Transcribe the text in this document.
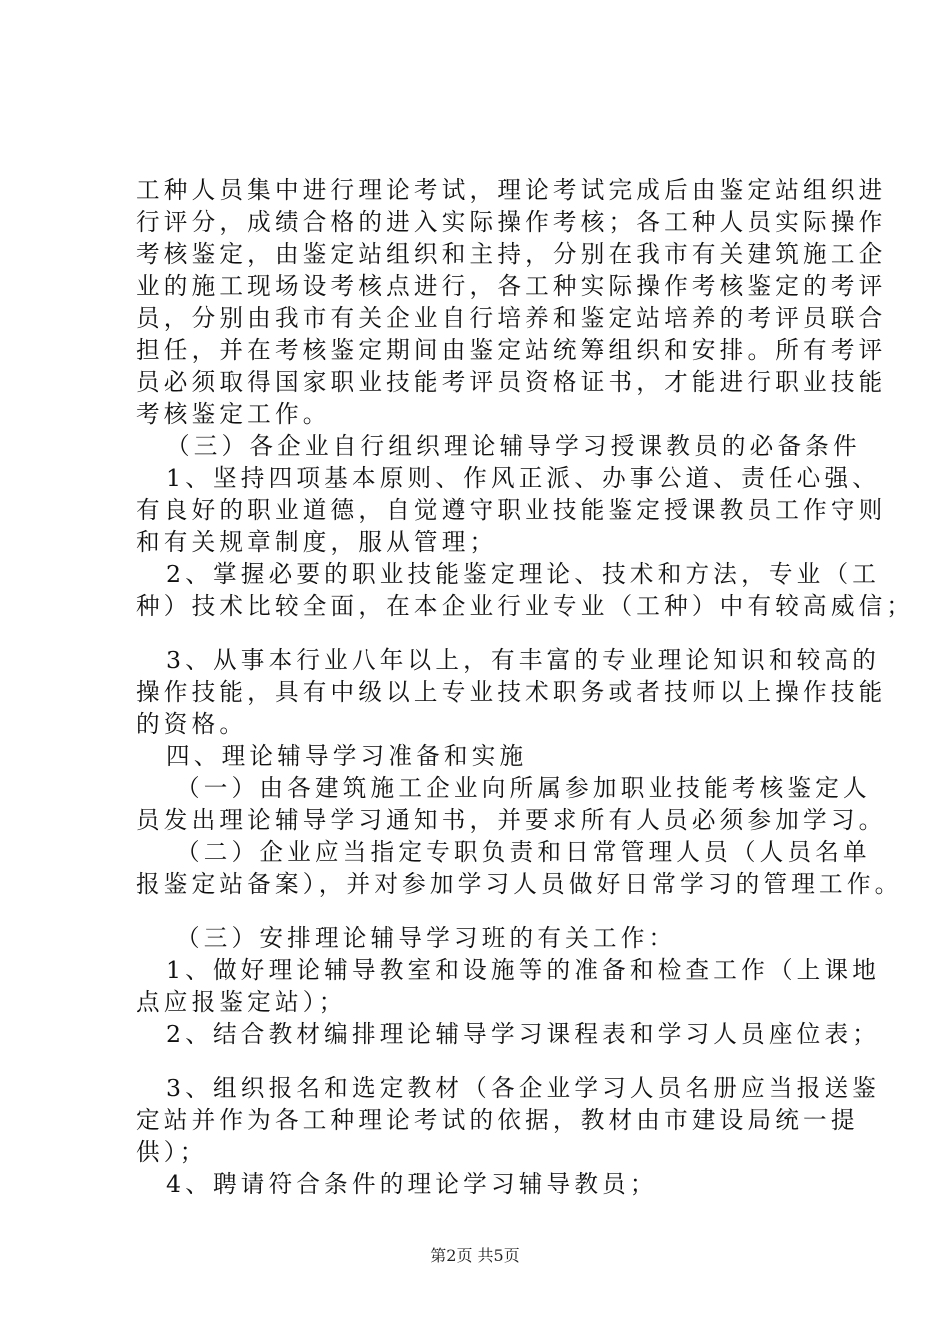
工种人员集中进行理论考试，理论考试完成后由鉴定站组织进
行评分，成绩合格的进入实际操作考核；各工种人员实际操作
考核鉴定，由鉴定站组织和主持，分别在我市有关建筑施工企
业的施工现场设考核点进行，各工种实际操作考核鉴定的考评
员，分别由我市有关企业自行培养和鉴定站培养的考评员联合
担任，并在考核鉴定期间由鉴定站统筹组织和安排。所有考评
员必须取得国家职业技能考评员资格证书，才能进行职业技能
考核鉴定工作。
（三）各企业自行组织理论辅导学习授课教员的必备条件
1、坚持四项基本原则、作风正派、办事公道、责任心强、
有良好的职业道德，自觉遵守职业技能鉴定授课教员工作守则
和有关规章制度，服从管理；
2、掌握必要的职业技能鉴定理论、技术和方法，专业（工
种）技术比较全面，在本企业行业专业（工种）中有较高威信；
3、从事本行业八年以上，有丰富的专业理论知识和较高的
操作技能，具有中级以上专业技术职务或者技师以上操作技能
的资格。
四、理论辅导学习准备和实施
（一）由各建筑施工企业向所属参加职业技能考核鉴定人
员发出理论辅导学习通知书，并要求所有人员必须参加学习。
（二）企业应当指定专职负责和日常管理人员（人员名单
报鉴定站备案），并对参加学习人员做好日常学习的管理工作。
（三）安排理论辅导学习班的有关工作：
1、做好理论辅导教室和设施等的准备和检查工作（上课地
点应报鉴定站）；
2、结合教材编排理论辅导学习课程表和学习人员座位表；
3、组织报名和选定教材（各企业学习人员名册应当报送鉴
定站并作为各工种理论考试的依据，教材由市建设局统一提
供）；
4、聘请符合条件的理论学习辅导教员；
第2页 共5页
